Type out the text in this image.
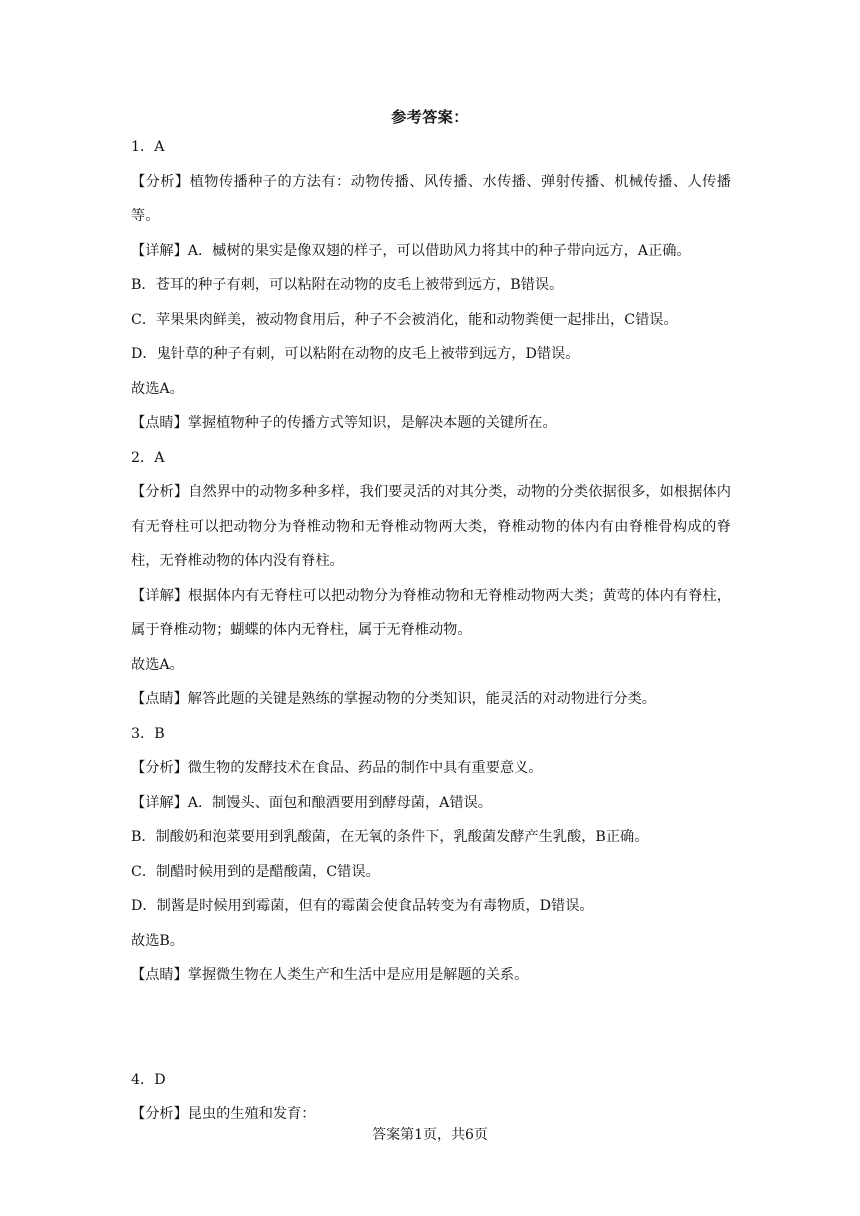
参考答案：

1．A

【分析】植物传播种子的方法有：动物传播、风传播、水传播、弹射传播、机械传播、人传播等。

【详解】A．槭树的果实是像双翅的样子，可以借助风力将其中的种子带向远方，A正确。

B．苍耳的种子有刺，可以粘附在动物的皮毛上被带到远方，B错误。

C．苹果果肉鲜美，被动物食用后，种子不会被消化，能和动物粪便一起排出，C错误。

D．鬼针草的种子有刺，可以粘附在动物的皮毛上被带到远方，D错误。

故选A。

【点睛】掌握植物种子的传播方式等知识，是解决本题的关键所在。

2．A

【分析】自然界中的动物多种多样，我们要灵活的对其分类，动物的分类依据很多，如根据体内有无脊柱可以把动物分为脊椎动物和无脊椎动物两大类，脊椎动物的体内有由脊椎骨构成的脊柱，无脊椎动物的体内没有脊柱。

【详解】根据体内有无脊柱可以把动物分为脊椎动物和无脊椎动物两大类；黄莺的体内有脊柱，属于脊椎动物；蝴蝶的体内无脊柱，属于无脊椎动物。

故选A。

【点睛】解答此题的关键是熟练的掌握动物的分类知识，能灵活的对动物进行分类。

3．B

【分析】微生物的发酵技术在食品、药品的制作中具有重要意义。

【详解】A．制馒头、面包和酿酒要用到酵母菌，A错误。

B．制酸奶和泡菜要用到乳酸菌，在无氧的条件下，乳酸菌发酵产生乳酸，B正确。

C．制醋时候用到的是醋酸菌，C错误。

D．制酱是时候用到霉菌，但有的霉菌会使食品转变为有毒物质，D错误。

故选B。

【点睛】掌握微生物在人类生产和生活中是应用是解题的关系。

4．D

【分析】昆虫的生殖和发育：

答案第1页，共6页
